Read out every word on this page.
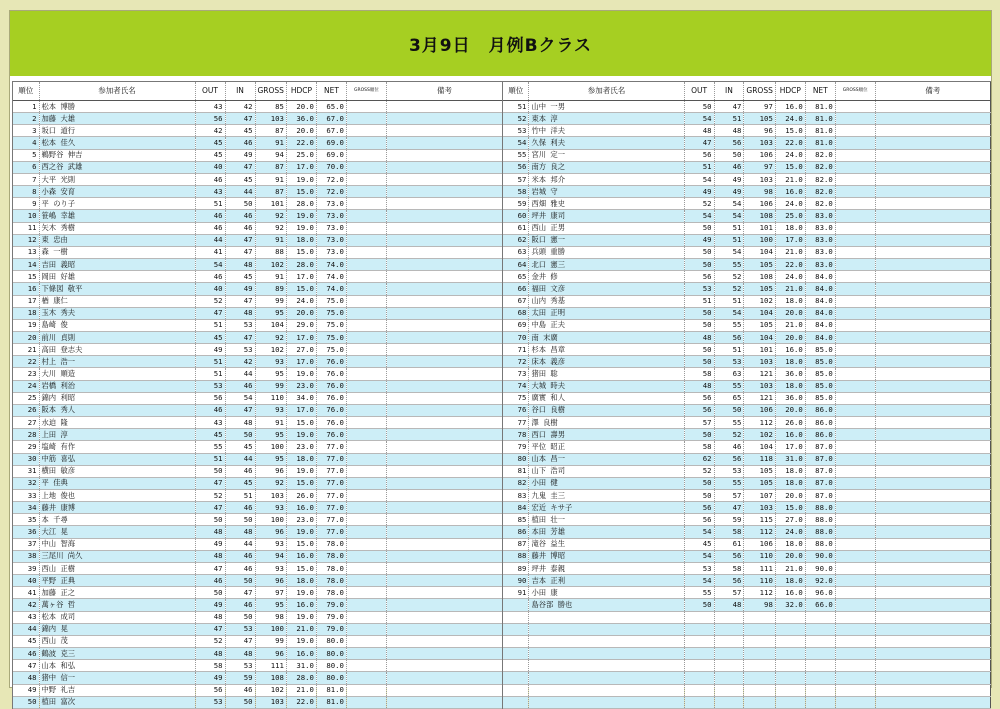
3月9日　月例Bクラス
順位	参加者氏名	OUT	IN	GROSS	HDCP	NET	GROSS順位	備考
1	松本 博勝	43	42	85	20.0	65.0		
2	加藤 大雄	56	47	103	36.0	67.0		
3	坂口 道行	42	45	87	20.0	67.0		
4	松本 佳久	45	46	91	22.0	69.0		
5	鵜野谷 伸吉	45	49	94	25.0	69.0		
6	西之谷 武雄	40	47	87	17.0	70.0		
7	大平 光則	46	45	91	19.0	72.0		
8	小森 安育	43	44	87	15.0	72.0		
9	平 のり子	51	50	101	28.0	73.0		
10	笹嶋 幸雄	46	46	92	19.0	73.0		
11	矢木 秀樹	46	46	92	19.0	73.0		
12	東 忠由	44	47	91	18.0	73.0		
13	森 一樹	41	47	88	15.0	73.0		
14	吉田 義昭	54	48	102	28.0	74.0		
15	岡田 好雄	46	45	91	17.0	74.0		
16	下條図 敬平	40	49	89	15.0	74.0		
17	楢 康仁	52	47	99	24.0	75.0		
18	玉木 秀夫	47	48	95	20.0	75.0		
19	島崎 俊	51	53	104	29.0	75.0		
20	前川 貞則	45	47	92	17.0	75.0		
21	高田 登志夫	49	53	102	27.0	75.0		
22	村上 浩一	51	42	93	17.0	76.0		
23	大川 順造	51	44	95	19.0	76.0		
24	岩橋 利治	53	46	99	23.0	76.0		
25	錦内 利昭	56	54	110	34.0	76.0		
26	阪本 秀人	46	47	93	17.0	76.0		
27	水迫 隆	43	48	91	15.0	76.0		
28	上田 淳	45	50	95	19.0	76.0		
29	塩崎 有作	55	45	100	23.0	77.0		
30	中筋 喜弘	51	44	95	18.0	77.0		
31	横田 敏彦	50	46	96	19.0	77.0		
32	平 佳典	47	45	92	15.0	77.0		
33	上地 俊也	52	51	103	26.0	77.0		
34	藤井 康博	47	46	93	16.0	77.0		
35	本 千尋	50	50	100	23.0	77.0		
36	大江 晃	48	48	96	19.0	77.0		
37	中山 智海	49	44	93	15.0	78.0		
38	三尾川 尚久	48	46	94	16.0	78.0		
39	西山 正樹	47	46	93	15.0	78.0		
40	平野 正典	46	50	96	18.0	78.0		
41	加藤 正之	50	47	97	19.0	78.0		
42	萬ヶ谷 哲	49	46	95	16.0	79.0		
43	松本 成司	48	50	98	19.0	79.0		
44	錦内 晃	47	53	100	21.0	79.0		
45	西山 茂	52	47	99	19.0	80.0		
46	鶴波 克三	48	48	96	16.0	80.0		
47	山本 和弘	58	53	111	31.0	80.0		
48	猪中 信一	49	59	108	28.0	80.0		
49	中野 礼吉	56	46	102	21.0	81.0		
50	植田 富次	53	50	103	22.0	81.0		
順位	参加者氏名	OUT	IN	GROSS	HDCP	NET	GROSS順位	備考
51	山中 一男	50	47	97	16.0	81.0		
52	東本 淳	54	51	105	24.0	81.0		
53	竹中 洋夫	48	48	96	15.0	81.0		
54	久保 利夫	47	56	103	22.0	81.0		
55	宮川 定一	56	50	106	24.0	82.0		
56	南方 良之	51	46	97	15.0	82.0		
57	米本 邦介	54	49	103	21.0	82.0		
58	岩城 守	49	49	98	16.0	82.0		
59	西畑 雅史	52	54	106	24.0	82.0		
60	坪井 康司	54	54	108	25.0	83.0		
61	西山 正男	50	51	101	18.0	83.0		
62	阪口 憲一	49	51	100	17.0	83.0		
63	兵頭 重勝	50	54	104	21.0	83.0		
64	北口 憲三	50	55	105	22.0	83.0		
65	金井 修	56	52	108	24.0	84.0		
66	福田 文彦	53	52	105	21.0	84.0		
67	山内 秀基	51	51	102	18.0	84.0		
68	太田 正明	50	54	104	20.0	84.0		
69	中島 正夫	50	55	105	21.0	84.0		
70	南 末廣	48	56	104	20.0	84.0		
71	杉本 昌章	50	51	101	16.0	85.0		
72	床本 義彦	50	53	103	18.0	85.0		
73	猪田 聡	58	63	121	36.0	85.0		
74	大城 時夫	48	55	103	18.0	85.0		
75	廣實 和人	56	65	121	36.0	85.0		
76	谷口 良樹	56	50	106	20.0	86.0		
77	澤 良樹	57	55	112	26.0	86.0		
78	西口 壽男	50	52	102	16.0	86.0		
79	平位 昭正	58	46	104	17.0	87.0		
80	山本 昌一	62	56	118	31.0	87.0		
81	山下 浩司	52	53	105	18.0	87.0		
82	小田 健	50	55	105	18.0	87.0		
83	九鬼 圭三	50	57	107	20.0	87.0		
84	宏近 キサ子	56	47	103	15.0	88.0		
85	植田 壮一	56	59	115	27.0	88.0		
86	本田 芳雄	54	58	112	24.0	88.0		
87	滝谷 益生	45	61	106	18.0	88.0		
88	藤井 博昭	54	56	110	20.0	90.0		
89	坪井 泰親	53	58	111	21.0	90.0		
90	吉本 正利	54	56	110	18.0	92.0		
91	小田 康	55	57	112	16.0	96.0		
	島谷部 勝也	50	48	98	32.0	66.0		
